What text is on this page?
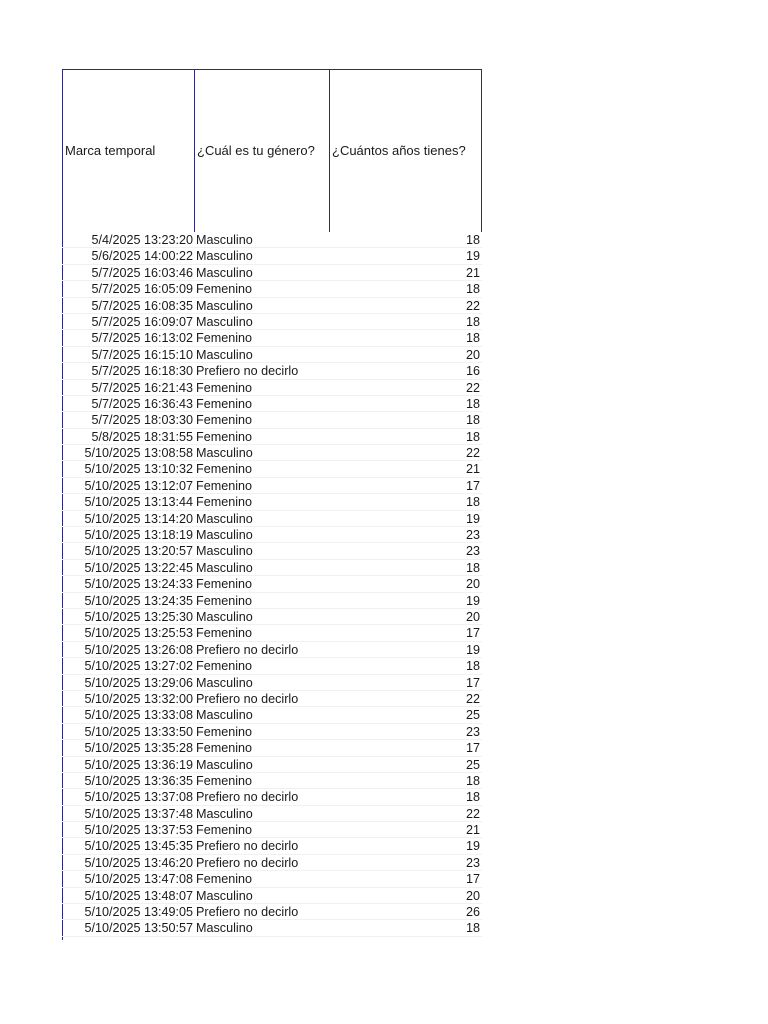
Marca temporal	¿Cuál es tu género?	¿Cuántos años tienes?
5/4/2025 13:23:20 Masculino	18
5/6/2025 14:00:22 Masculino	19
5/7/2025 16:03:46 Masculino	21
5/7/2025 16:05:09 Femenino	18
5/7/2025 16:08:35 Masculino	22
5/7/2025 16:09:07 Masculino	18
5/7/2025 16:13:02 Femenino	18
5/7/2025 16:15:10 Masculino	20
5/7/2025 16:18:30 Prefiero no decirlo	16
5/7/2025 16:21:43 Femenino	22
5/7/2025 16:36:43 Femenino	18
5/7/2025 18:03:30 Femenino	18
5/8/2025 18:31:55 Femenino	18
5/10/2025 13:08:58 Masculino	22
5/10/2025 13:10:32 Femenino	21
5/10/2025 13:12:07 Femenino	17
5/10/2025 13:13:44 Femenino	18
5/10/2025 13:14:20 Masculino	19
5/10/2025 13:18:19 Masculino	23
5/10/2025 13:20:57 Masculino	23
5/10/2025 13:22:45 Masculino	18
5/10/2025 13:24:33 Femenino	20
5/10/2025 13:24:35 Femenino	19
5/10/2025 13:25:30 Masculino	20
5/10/2025 13:25:53 Femenino	17
5/10/2025 13:26:08 Prefiero no decirlo	19
5/10/2025 13:27:02 Femenino	18
5/10/2025 13:29:06 Masculino	17
5/10/2025 13:32:00 Prefiero no decirlo	22
5/10/2025 13:33:08 Masculino	25
5/10/2025 13:33:50 Femenino	23
5/10/2025 13:35:28 Femenino	17
5/10/2025 13:36:19 Masculino	25
5/10/2025 13:36:35 Femenino	18
5/10/2025 13:37:08 Prefiero no decirlo	18
5/10/2025 13:37:48 Masculino	22
5/10/2025 13:37:53 Femenino	21
5/10/2025 13:45:35 Prefiero no decirlo	19
5/10/2025 13:46:20 Prefiero no decirlo	23
5/10/2025 13:47:08 Femenino	17
5/10/2025 13:48:07 Masculino	20
5/10/2025 13:49:05 Prefiero no decirlo	26
5/10/2025 13:50:57 Masculino	18
